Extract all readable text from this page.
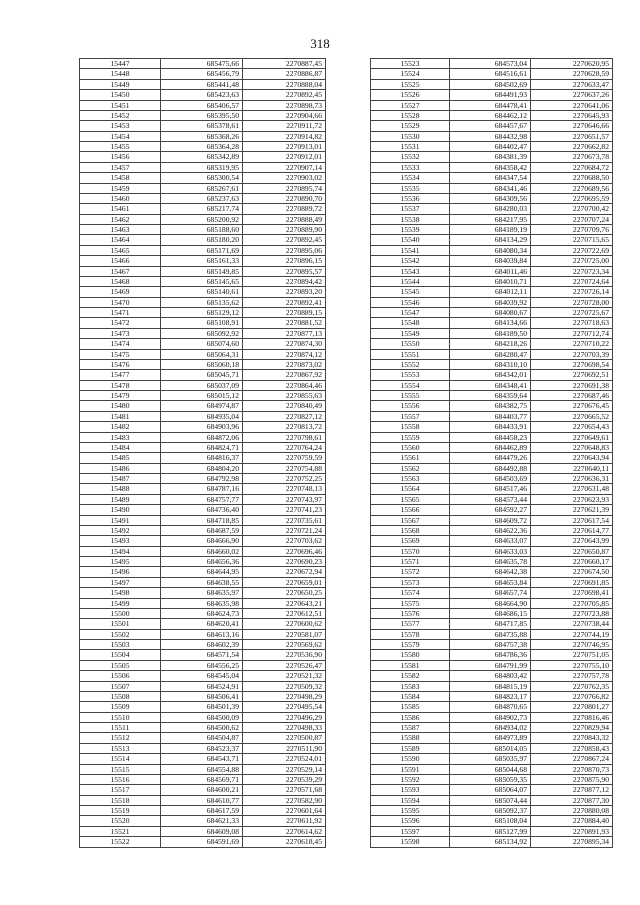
318
15447	685475,66	2270887,45
15448	685456,79	2270886,87
15449	685441,48	2270888,04
15450	685423,63	2270892,45
15451	685406,57	2270898,73
15452	685395,50	2270904,66
15453	685378,61	2270911,72
15454	685368,26	2270914,82
15455	685364,28	2270913,01
15456	685342,89	2270912,01
15457	685319,95	2270907,14
15458	685300,54	2270903,02
15459	685267,61	2270895,74
15460	685237,63	2270890,70
15461	685217,74	2270889,72
15462	685200,92	2270888,49
15463	685188,60	2270889,90
15464	685180,20	2270892,45
15465	685171,69	2270895,06
15466	685161,33	2270896,15
15467	685149,85	2270895,57
15468	685145,65	2270894,42
15469	685140,61	2270893,20
15470	685135,62	2270892,41
15471	685129,12	2270889,15
15472	685108,91	2270881,52
15473	685092,92	2270877,13
15474	685074,60	2270874,30
15475	685064,31	2270874,12
15476	685060,18	2270873,02
15477	685045,71	2270867,92
15478	685037,09	2270864,46
15479	685015,12	2270855,63
15480	684974,87	2270840,49
15481	684935,04	2270827,12
15482	684903,96	2270813,72
15483	684872,06	2270798,61
15484	684824,71	2270764,24
15485	684816,37	2270759,59
15486	684804,20	2270754,88
15487	684792,98	2270752,25
15488	684787,16	2270748,13
15489	684757,77	2270743,97
15490	684736,40	2270741,23
15491	684718,85	2270735,61
15492	684687,59	2270721,24
15493	684666,90	2270703,62
15494	684660,02	2270696,46
15495	684656,36	2270690,23
15496	684644,95	2270672,94
15497	684638,55	2270659,01
15498	684635,97	2270650,25
15499	684635,98	2270643,21
15500	684624,73	2270612,51
15501	684620,41	2270600,62
15502	684613,16	2270581,07
15503	684602,39	2270569,62
15504	684571,54	2270536,90
15505	684556,25	2270526,47
15506	684545,04	2270521,32
15507	684524,91	2270509,32
15508	684506,41	2270498,29
15509	684501,39	2270495,54
15510	684500,09	2270496,29
15511	684500,62	2270498,33
15512	684504,87	2270500,87
15513	684523,37	2270511,90
15514	684543,71	2270524,01
15515	684554,88	2270529,14
15516	684569,71	2270539,29
15517	684600,21	2270571,68
15518	684610,77	2270582,90
15519	684617,59	2270601,64
15520	684621,33	2270611,92
15521	684609,08	2270614,62
15522	684591,69	2270618,45
15523	684573,04	2270620,95
15524	684516,61	2270628,59
15525	684502,69	2270633,47
15526	684491,93	2270637,26
15527	684478,41	2270641,06
15528	684462,12	2270645,93
15529	684457,67	2270646,66
15530	684432,98	2270651,57
15531	684402,47	2270662,82
15532	684381,39	2270673,78
15533	684358,42	2270684,72
15534	684347,54	2270688,50
15535	684341,46	2270689,56
15536	684309,56	2270695,59
15537	684280,03	2270700,42
15538	684217,95	2270707,24
15539	684189,19	2270709,76
15540	684134,29	2270715,65
15541	684080,34	2270722,69
15542	684039,84	2270725,00
15543	684011,46	2270723,34
15544	684010,71	2270724,64
15545	684012,11	2270726,14
15546	684039,92	2270728,00
15547	684080,67	2270725,67
15548	684134,66	2270718,63
15549	684189,50	2270712,74
15550	684218,26	2270710,22
15551	684280,47	2270703,39
15552	684310,10	2270698,54
15553	684342,01	2270692,51
15554	684348,41	2270691,38
15555	684359,64	2270687,46
15556	684382,75	2270676,45
15557	684403,77	2270665,52
15558	684433,91	2270654,43
15559	684458,23	2270649,61
15560	684462,89	2270648,83
15561	684479,26	2270643,94
15562	684492,88	2270640,11
15563	684503,69	2270636,31
15564	684517,46	2270631,48
15565	684573,44	2270623,93
15566	684592,27	2270621,39
15567	684609,72	2270617,54
15568	684622,36	2270614,77
15569	684633,07	2270643,99
15570	684633,03	2270650,87
15571	684635,78	2270660,17
15572	684642,38	2270674,50
15573	684653,84	2270691,85
15574	684657,74	2270698,41
15575	684664,90	2270705,85
15576	684686,15	2270723,88
15577	684717,85	2270738,44
15578	684735,88	2270744,19
15579	684757,38	2270746,95
15580	684786,36	2270751,05
15581	684791,99	2270755,10
15582	684803,42	2270757,78
15583	684815,19	2270762,35
15584	684823,17	2270766,82
15585	684870,65	2270801,27
15586	684902,73	2270816,46
15587	684934,02	2270829,94
15588	684973,89	2270843,32
15589	685014,05	2270858,43
15590	685035,97	2270867,24
15591	685044,68	2270870,73
15592	685059,35	2270875,90
15593	685064,07	2270877,12
15594	685074,44	2270877,30
15595	685092,37	2270880,08
15596	685108,04	2270884,40
15597	685127,99	2270891,93
15598	685134,92	2270895,34
